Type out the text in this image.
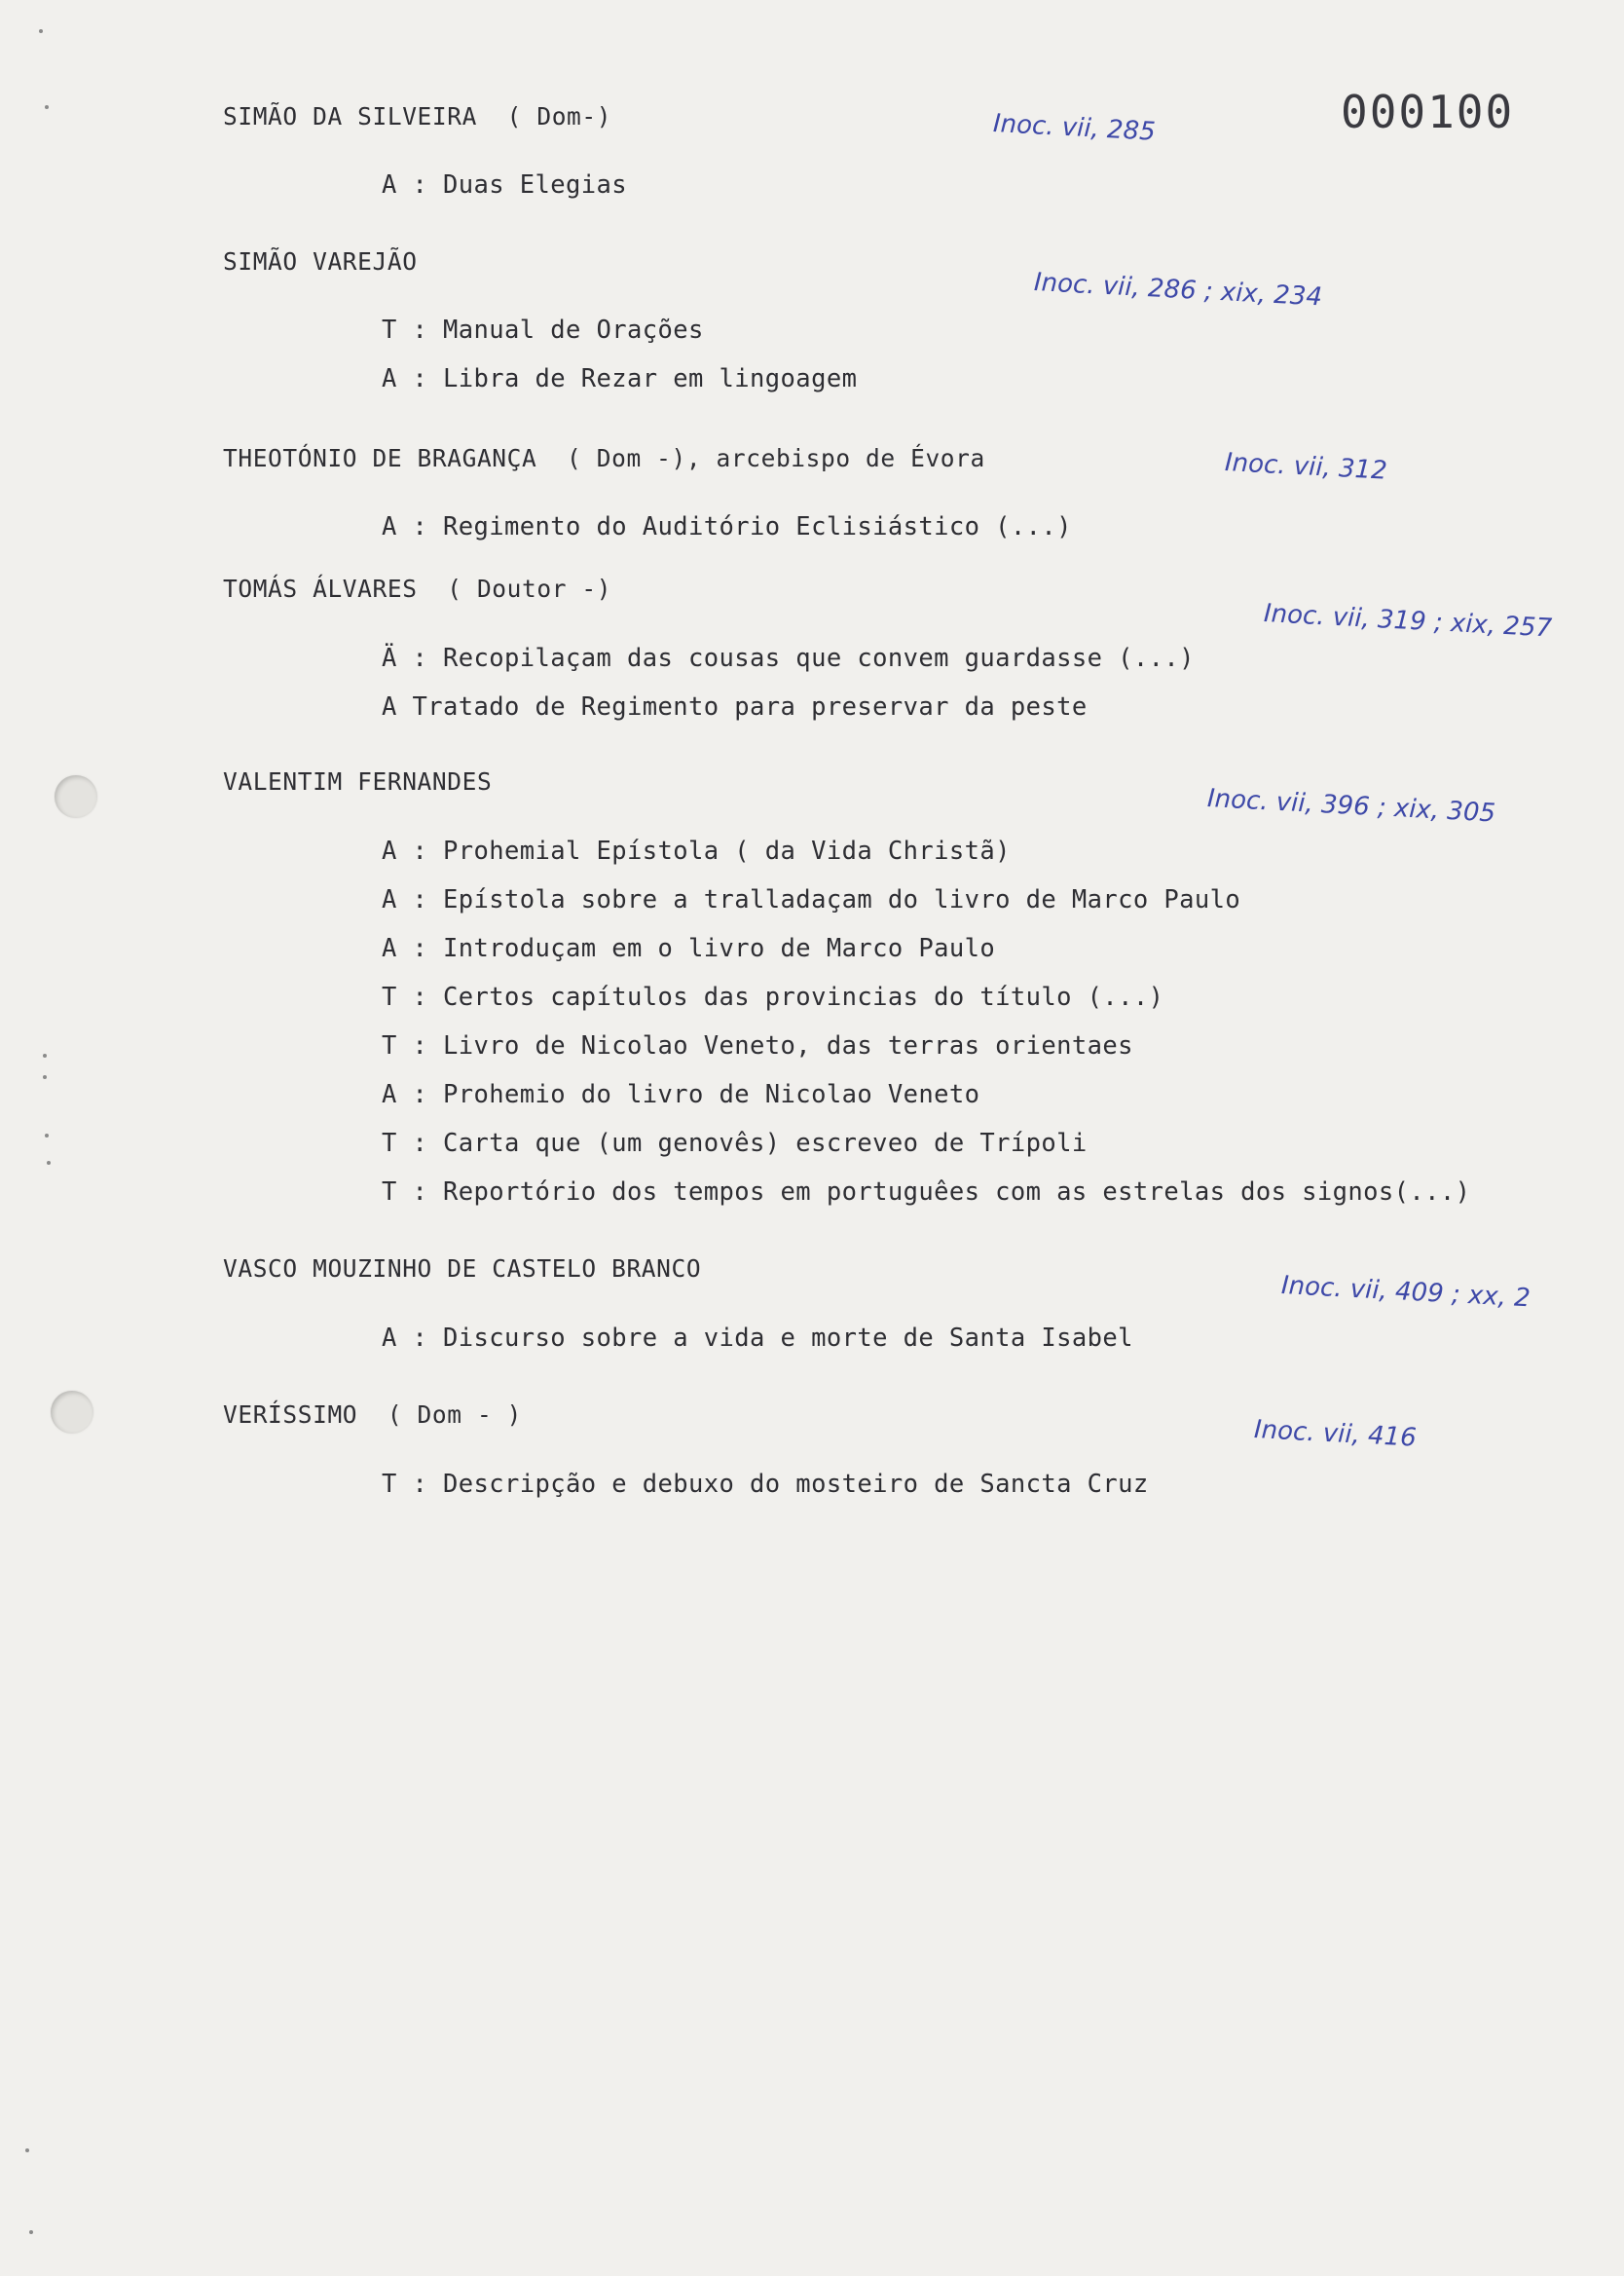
000100
SIMÃO DA SILVEIRA  ( Dom-)	Inoc. vii, 285
A : Duas Elegias
SIMÃO VAREJÃO
Inoc. vii, 286 ; xix, 234
T : Manual de Orações
A : Libra de Rezar em lingoagem
THEOTÓNIO DE BRAGANÇA  ( Dom -), arcebispo de Évora	Inoc. vii, 312
A : Regimento do Auditório Eclisiástico (...)
TOMÁS ÁLVARES  ( Doutor -)
Inoc. vii, 319 ; xix, 257
Ä : Recopilaçam das cousas que convem guardasse (...)
A Tratado de Regimento para preservar da peste
VALENTIM FERNANDES
Inoc. vii, 396 ; xix, 305
A : Prohemial Epístola ( da Vida Christã)
A : Epístola sobre a tralladaçam do livro de Marco Paulo
A : Introduçam em o livro de Marco Paulo
T : Certos capítulos das provincias do título (...)
T : Livro de Nicolao Veneto, das terras orientaes
A : Prohemio do livro de Nicolao Veneto
T : Carta que (um genovês) escreveo de Trípoli
T : Reportório dos tempos em portuguêes com as estrelas dos signos(...)
VASCO MOUZINHO DE CASTELO BRANCO
Inoc. vii, 409 ; xx, 2
A : Discurso sobre a vida e morte de Santa Isabel
VERÍSSIMO  ( Dom - )
Inoc. vii, 416
T : Descripção e debuxo do mosteiro de Sancta Cruz
